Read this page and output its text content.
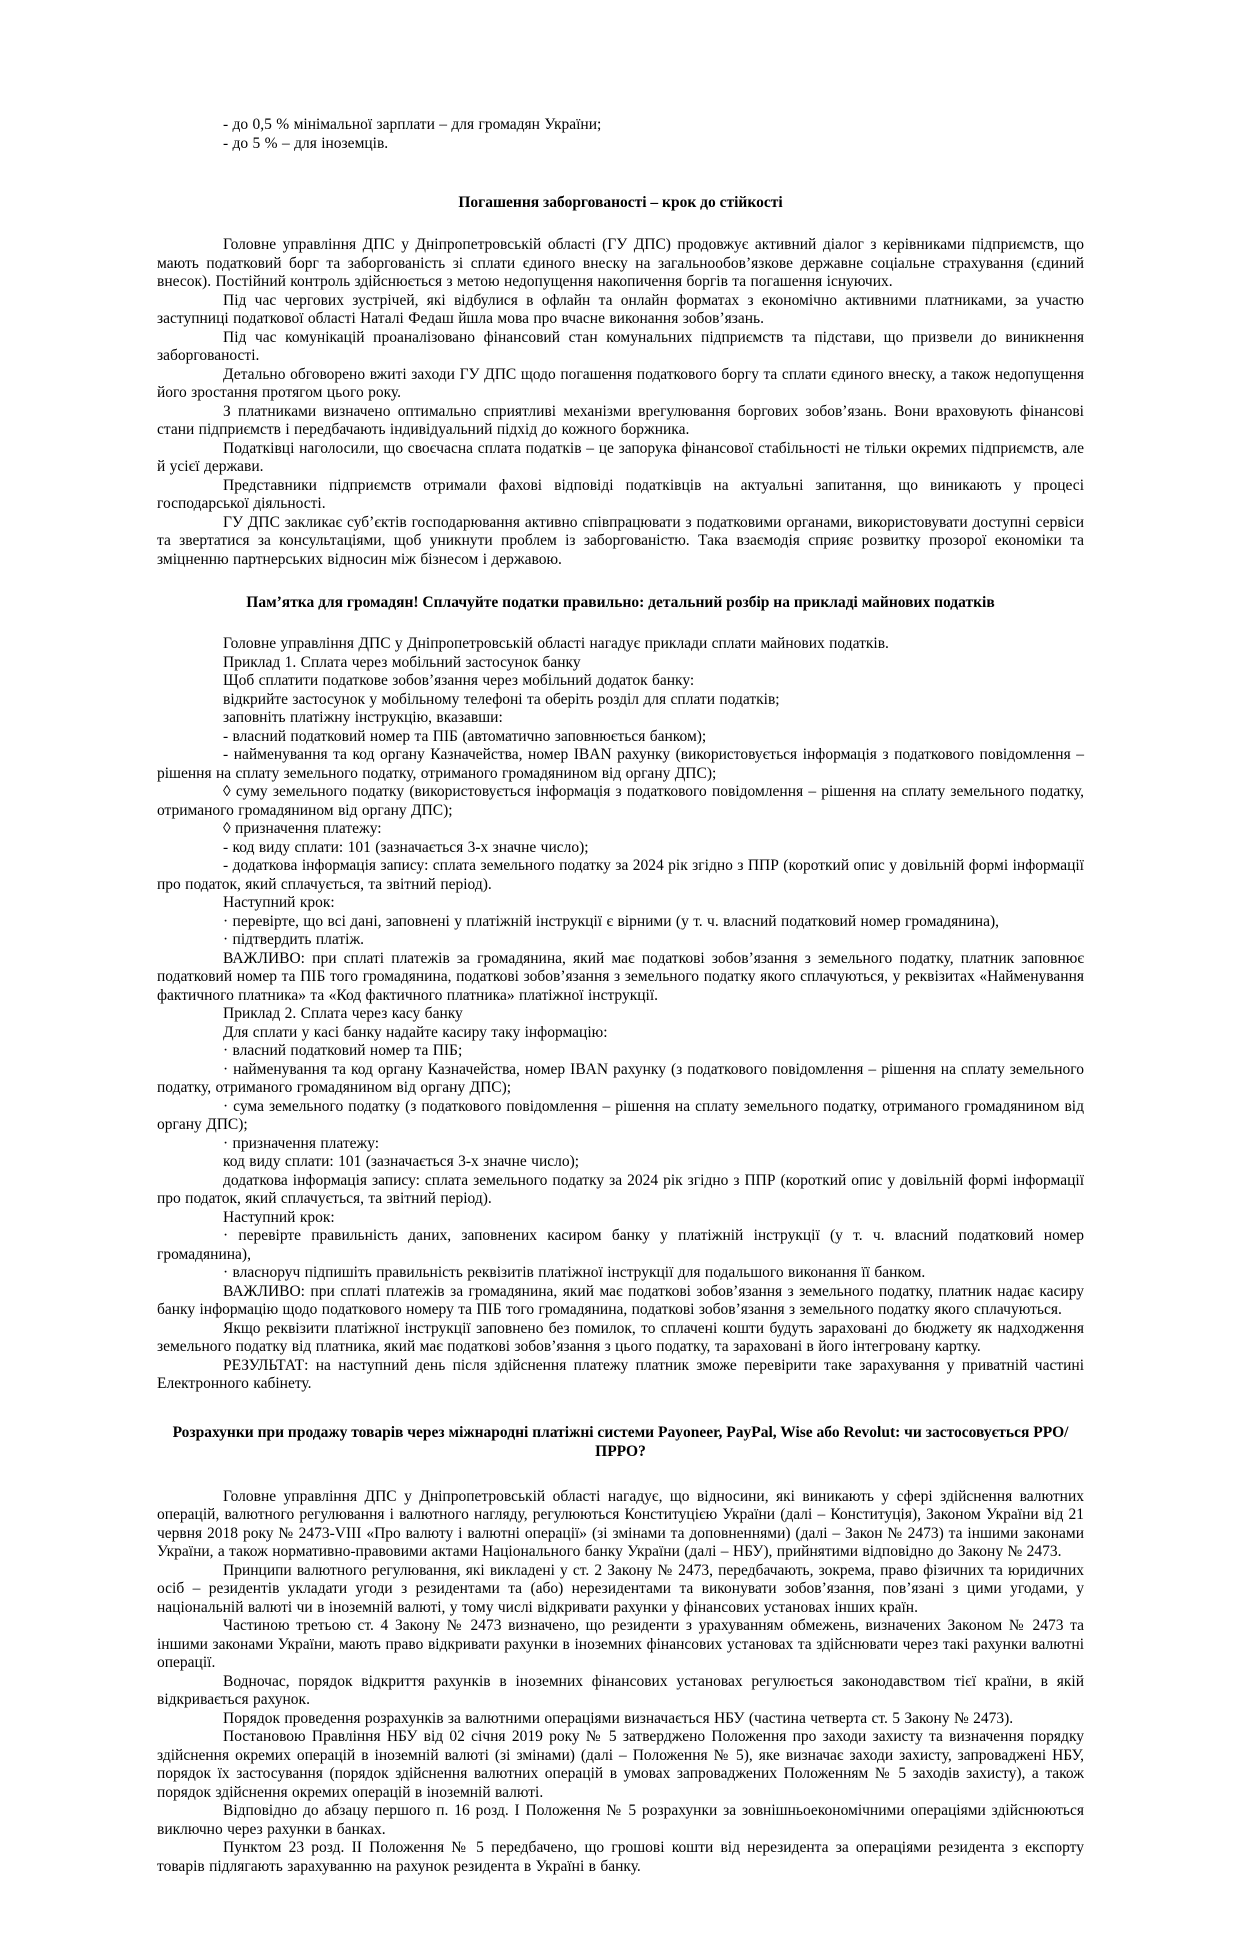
- до 0,5 % мінімальної зарплати – для громадян України;

- до 5 % – для іноземців.

Погашення заборгованості – крок до стійкості

Головне управління ДПС у Дніпропетровській області (ГУ ДПС) продовжує активний діалог з керівниками підприємств, що мають податковий борг та заборгованість зі сплати єдиного внеску на загальнообов’язкове державне соціальне страхування (єдиний внесок). Постійний контроль здійснюється з метою недопущення накопичення боргів та погашення існуючих.

Під час чергових зустрічей, які відбулися в офлайн та онлайн форматах з економічно активними платниками, за участю заступниці податкової області Наталі Федаш йшла мова про вчасне виконання зобов’язань.

Під час комунікацій проаналізовано фінансовий стан комунальних підприємств та підстави, що призвели до виникнення заборгованості.

Детально обговорено вжиті заходи ГУ ДПС щодо погашення податкового боргу та сплати єдиного внеску, а також недопущення його зростання протягом цього року.

З платниками визначено оптимально сприятливі механізми врегулювання боргових зобов’язань. Вони враховують фінансові стани підприємств і передбачають індивідуальний підхід до кожного боржника.

Податківці наголосили, що своєчасна сплата податків – це запорука фінансової стабільності не тільки окремих підприємств, але й усієї держави.

Представники підприємств отримали фахові відповіді податківців на актуальні запитання, що виникають у процесі господарської діяльності.

ГУ ДПС закликає суб’єктів господарювання активно співпрацювати з податковими органами, використовувати доступні сервіси та звертатися за консультаціями, щоб уникнути проблем із заборгованістю. Така взаємодія сприяє розвитку прозорої економіки та зміцненню партнерських відносин між бізнесом і державою.

Пам’ятка для громадян! Сплачуйте податки правильно: детальний розбір на прикладі майнових податків

Головне управління ДПС у Дніпропетровській області нагадує приклади сплати майнових податків.

Приклад 1. Сплата через мобільний застосунок банку

Щоб сплатити податкове зобов’язання через мобільний додаток банку:

відкрийте застосунок у мобільному телефоні та оберіть розділ для сплати податків;

заповніть платіжну інструкцію, вказавши:

- власний податковий номер та ПІБ (автоматично заповнюється банком);

- найменування та код органу Казначейства, номер IBAN рахунку (використовується інформація з податкового повідомлення – рішення на сплату земельного податку, отриманого громадянином від органу ДПС);

◊ суму земельного податку (використовується інформація з податкового повідомлення – рішення на сплату земельного податку, отриманого громадянином від органу ДПС);

◊ призначення платежу:

- код виду сплати: 101 (зазначається 3-х значне число);

- додаткова інформація запису: сплата земельного податку за 2024 рік згідно з ППР (короткий опис у довільній формі інформації про податок, який сплачується, та звітний період).

Наступний крок:

· перевірте, що всі дані, заповнені у платіжній інструкції є вірними (у т. ч. власний податковий номер громадянина),

· підтвердить платіж.

ВАЖЛИВО: при сплаті платежів за громадянина, який має податкові зобов’язання з земельного податку, платник заповнює податковий номер та ПІБ того громадянина, податкові зобов’язання з земельного податку якого сплачуються, у реквізитах «Найменування фактичного платника» та «Код фактичного платника» платіжної інструкції.

Приклад 2. Сплата через касу банку

Для сплати у касі банку надайте касиру таку інформацію:

· власний податковий номер та ПІБ;

· найменування та код органу Казначейства, номер IBAN рахунку (з податкового повідомлення – рішення на сплату земельного податку, отриманого громадянином від органу ДПС);

· сума земельного податку (з податкового повідомлення – рішення на сплату земельного податку, отриманого громадянином від органу ДПС);

· призначення платежу:

код виду сплати: 101 (зазначається 3-х значне число);

додаткова інформація запису: сплата земельного податку за 2024 рік згідно з ППР (короткий опис у довільній формі інформації про податок, який сплачується, та звітний період).

Наступний крок:

· перевірте правильність даних, заповнених касиром банку у платіжній інструкції (у т. ч. власний податковий номер громадянина),

· власноруч підпишіть правильність реквізитів платіжної інструкції для подальшого виконання її банком.

ВАЖЛИВО: при сплаті платежів за громадянина, який має податкові зобов’язання з земельного податку, платник надає касиру банку інформацію щодо податкового номеру та ПІБ того громадянина, податкові зобов’язання з земельного податку якого сплачуються.

Якщо реквізити платіжної інструкції заповнено без помилок, то сплачені кошти будуть зараховані до бюджету як надходження земельного податку від платника, який має податкові зобов’язання з цього податку, та зараховані в його інтегровану картку.

РЕЗУЛЬТАТ: на наступний день після здійснення платежу платник зможе перевірити таке зарахування у приватній частині Електронного кабінету.

Розрахунки при продажу товарів через міжнародні платіжні системи Payoneer, PayPal, Wise або Revolut: чи застосовується РРО/ПРРО?

Головне управління ДПС у Дніпропетровській області нагадує, що відносини, які виникають у сфері здійснення валютних операцій, валютного регулювання і валютного нагляду, регулюються Конституцією України (далі – Конституція), Законом України від 21 червня 2018 року № 2473-VIII «Про валюту і валютні операції» (зі змінами та доповненнями) (далі – Закон № 2473) та іншими законами України, а також нормативно-правовими актами Національного банку України (далі – НБУ), прийнятими відповідно до Закону № 2473.

Принципи валютного регулювання, які викладені у ст. 2 Закону № 2473, передбачають, зокрема, право фізичних та юридичних осіб – резидентів укладати угоди з резидентами та (або) нерезидентами та виконувати зобов’язання, пов’язані з цими угодами, у національній валюті чи в іноземній валюті, у тому числі відкривати рахунки у фінансових установах інших країн.

Частиною третьою ст. 4 Закону № 2473 визначено, що резиденти з урахуванням обмежень, визначених Законом № 2473 та іншими законами України, мають право відкривати рахунки в іноземних фінансових установах та здійснювати через такі рахунки валютні операції.

Водночас, порядок відкриття рахунків в іноземних фінансових установах регулюється законодавством тієї країни, в якій відкривається рахунок.

Порядок проведення розрахунків за валютними операціями визначається НБУ (частина четверта ст. 5 Закону № 2473).

Постановою Правління НБУ від 02 січня 2019 року № 5 затверджено Положення про заходи захисту та визначення порядку здійснення окремих операцій в іноземній валюті (зі змінами) (далі – Положення № 5), яке визначає заходи захисту, запроваджені НБУ, порядок їх застосування (порядок здійснення валютних операцій в умовах запроваджених Положенням № 5 заходів захисту), а також порядок здійснення окремих операцій в іноземній валюті.

Відповідно до абзацу першого п. 16 розд. I Положення № 5 розрахунки за зовнішньоекономічними операціями здійснюються виключно через рахунки в банках.

Пунктом 23 розд. II Положення № 5 передбачено, що грошові кошти від нерезидента за операціями резидента з експорту товарів підлягають зарахуванню на рахунок резидента в Україні в банку.
